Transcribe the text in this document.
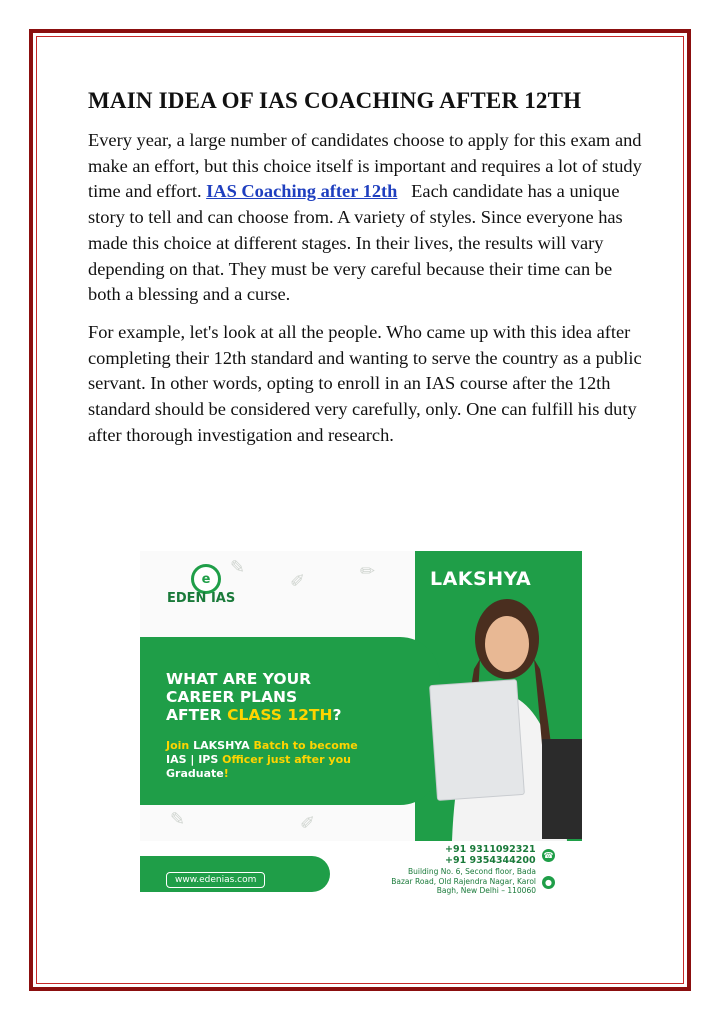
MAIN IDEA OF IAS COACHING AFTER 12TH

Every year, a large number of candidates choose to apply for this exam and make an effort, but this choice itself is important and requires a lot of study time and effort. IAS Coaching after 12th   Each candidate has a unique story to tell and can choose from. A variety of styles. Since everyone has made this choice at different stages. In their lives, the results will vary depending on that. They must be very careful because their time can be both a blessing and a curse.

For example, let's look at all the people. Who came up with this idea after completing their 12th standard and wanting to serve the country as a public servant. In other words, opting to enroll in an IAS course after the 12th standard should be considered very carefully, only. One can fulfill his duty after thorough investigation and research.

✎
✐	✏
✎	✐
e
EDEN IAS
LAKSHYA
WHAT ARE YOUR
CAREER PLANS
AFTER CLASS 12TH?
Join LAKSHYA Batch to become
IAS | IPS Officer just after you
Graduate!
www.edenias.com
+91 9311092321
+91 9354344200
Building No. 6, Second floor, Bada Bazar Road, Old Rajendra Nagar, Karol Bagh, New Delhi – 110060
☎
●
